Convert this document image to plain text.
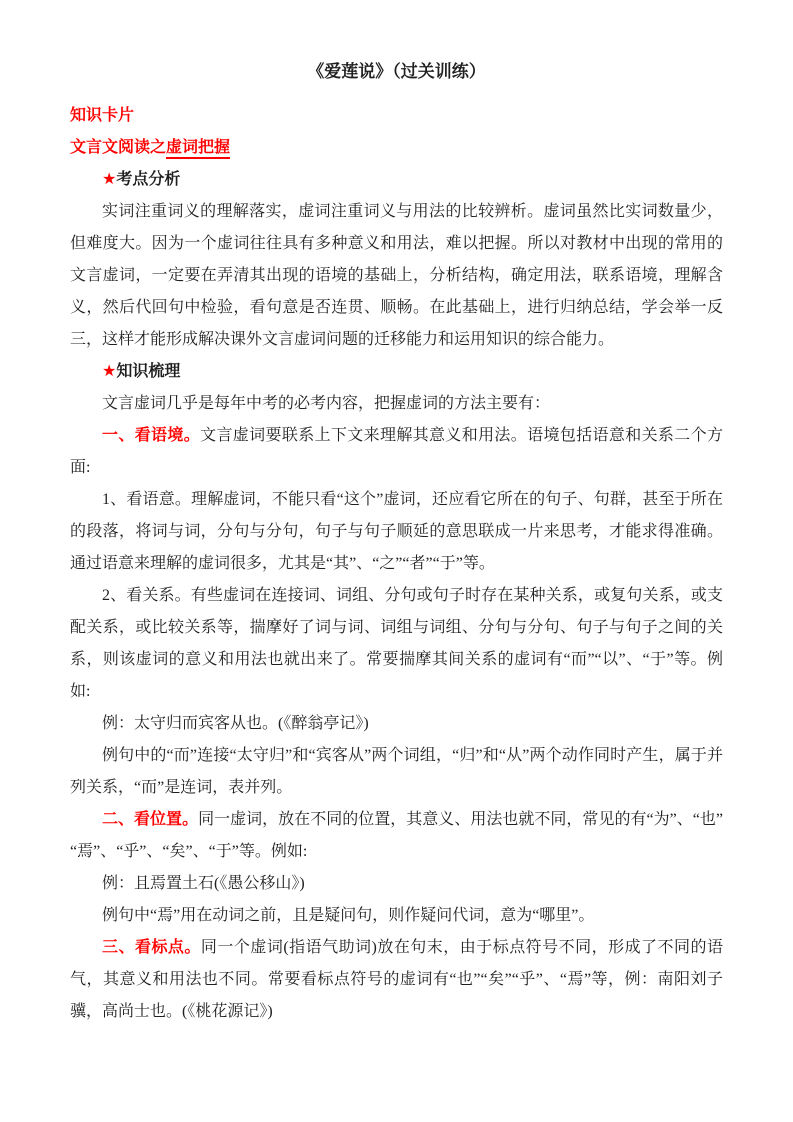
《爱莲说》（过关训练）

知识卡片

文言文阅读之虚词把握

★考点分析

实词注重词义的理解落实，虚词注重词义与用法的比较辨析。虚词虽然比实词数量少，但难度大。因为一个虚词往往具有多种意义和用法，难以把握。所以对教材中出现的常用的文言虚词，一定要在弄清其出现的语境的基础上，分析结构，确定用法，联系语境，理解含义，然后代回句中检验，看句意是否连贯、顺畅。在此基础上，进行归纳总结，学会举一反三，这样才能形成解决课外文言虚词问题的迁移能力和运用知识的综合能力。

★知识梳理

文言虚词几乎是每年中考的必考内容，把握虚词的方法主要有：

一、看语境。文言虚词要联系上下文来理解其意义和用法。语境包括语意和关系二个方面:

1、看语意。理解虚词，不能只看“这个”虚词，还应看它所在的句子、句群，甚至于所在的段落，将词与词，分句与分句，句子与句子顺延的意思联成一片来思考，才能求得准确。通过语意来理解的虚词很多，尤其是“其”、“之”“者”“于”等。

2、看关系。有些虚词在连接词、词组、分句或句子时存在某种关系，或复句关系，或支配关系，或比较关系等，揣摩好了词与词、词组与词组、分句与分句、句子与句子之间的关系，则该虚词的意义和用法也就出来了。常要揣摩其间关系的虚词有“而”“以”、“于”等。例如:

例：太守归而宾客从也。(《醉翁亭记》)

例句中的“而”连接“太守归”和“宾客从”两个词组，“归”和“从”两个动作同时产生，属于并列关系，“而”是连词，表并列。

二、看位置。同一虚词，放在不同的位置，其意义、用法也就不同，常见的有“为”、“也”“焉”、“乎”、“矣”、“于”等。例如:

例：且焉置土石(《愚公移山》)

例句中“焉”用在动词之前，且是疑问句，则作疑问代词，意为“哪里”。

三、看标点。同一个虚词(指语气助词)放在句末，由于标点符号不同，形成了不同的语气，其意义和用法也不同。常要看标点符号的虚词有“也”“矣”“乎”、“焉”等，例：南阳刘子骥，高尚士也。(《桃花源记》)
